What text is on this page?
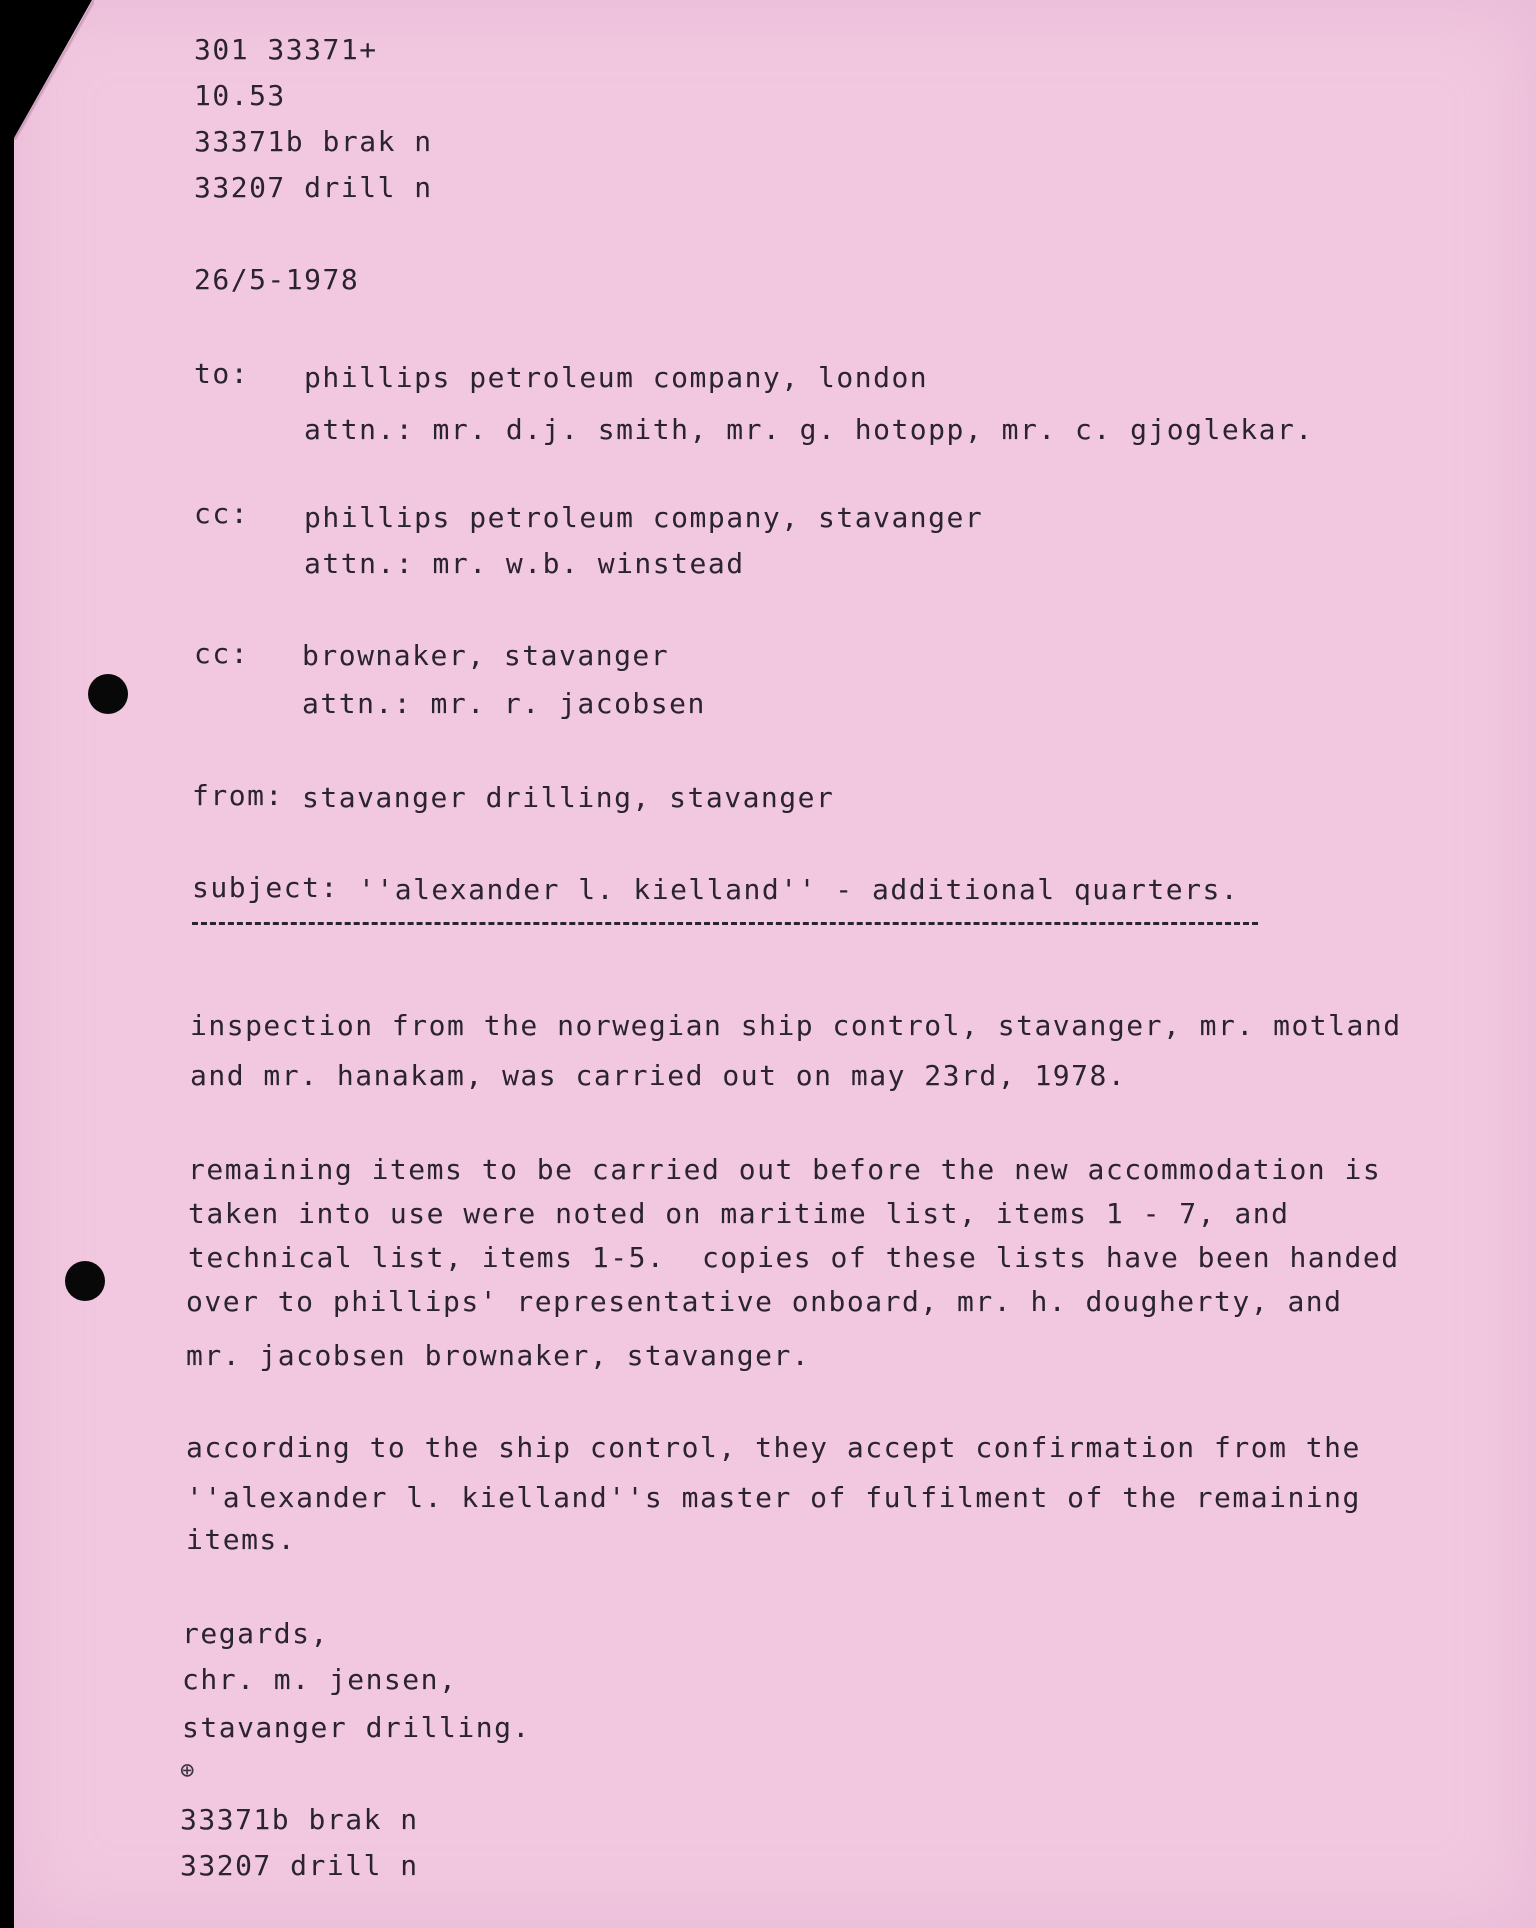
301 33371+
10.53
33371b brak n
33207 drill n
26/5-1978
to: phillips petroleum company, london
attn.: mr. d.j. smith, mr. g. hotopp, mr. c. gjoglekar.
cc: phillips petroleum company, stavanger
attn.: mr. w.b. winstead
cc: brownaker, stavanger
attn.: mr. r. jacobsen
from: stavanger drilling, stavanger
subject: ''alexander l. kielland'' - additional quarters.
inspection from the norwegian ship control, stavanger, mr. motland
and mr. hanakam, was carried out on may 23rd, 1978.
remaining items to be carried out before the new accommodation is
taken into use were noted on maritime list, items 1 - 7, and
technical list, items 1-5.  copies of these lists have been handed
over to phillips' representative onboard, mr. h. dougherty, and
mr. jacobsen brownaker, stavanger.
according to the ship control, they accept confirmation from the
''alexander l. kielland''s master of fulfilment of the remaining
items.
regards,
chr. m. jensen,
stavanger drilling.
⊕
33371b brak n
33207 drill n
